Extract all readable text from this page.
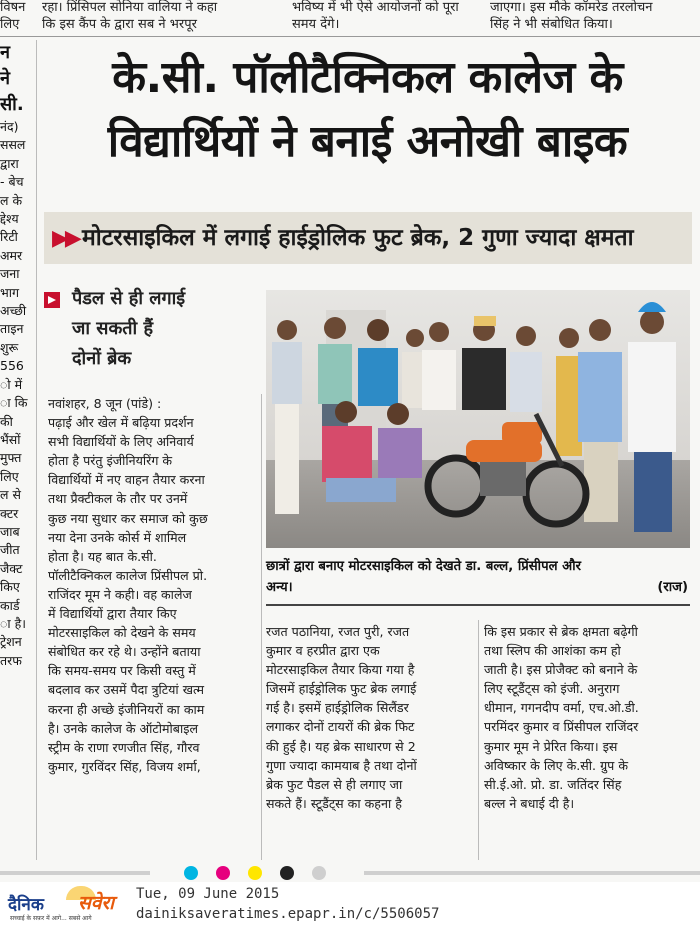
विषन
लिए
रहा। प्रिंसिपल सोनिया वालिया ने कहा
कि इस कैंप के द्वारा सब ने भरपूर
भविष्य में भी ऐसे आयोजनों को पूरा
समय देंगे।
जाएगा। इस मौके कॉमरेड तरलोचन
सिंह ने भी संबोधित किया।
न
ने
सी.
नंद)
ससल
द्वारा
- बेच
ल के
द्देश्य
रिटी
अमर
जना
भाग
अच्छी
ताइन
शुरू
556
ो में
ा कि
की
भैंसों
मुफ्त
लिए
ल से
क्टर
जाब
जीत
जैक्ट
किए
कार्ड
ा है।
ट्रेशन
तरफ
के.सी. पॉलीटैक्निकल कालेज के
विद्यार्थियों ने बनाई अनोखी बाइक
▶▶ मोटरसाइकिल में लगाई हाईड्रोलिक फुट ब्रेक, 2 गुणा ज्यादा क्षमता
पैडल से ही लगाई
जा सकती हैं
दोनों ब्रेक
नवांशहर, 8 जून (पांडे) :
पढ़ाई और खेल में बढ़िया प्रदर्शन
सभी विद्यार्थियों के लिए अनिवार्य
होता है परंतु इंजीनियरिंग के
विद्यार्थियों में नए वाहन तैयार करना
तथा प्रैक्टीकल के तौर पर उनमें
कुछ नया सुधार कर समाज को कुछ
नया देना उनके कोर्स में शामिल
होता है। यह बात के.सी.
पॉलीटैक्निकल कालेज प्रिंसीपल प्रो.
राजिंदर मूम ने कही। वह कालेज
में विद्यार्थियों द्वारा तैयार किए
मोटरसाइकिल को देखने के समय
संबोधित कर रहे थे। उन्होंने बताया
कि समय-समय पर किसी वस्तु में
बदलाव कर उसमें पैदा त्रुटियां खत्म
करना ही अच्छे इंजीनियरों का काम
है। उनके कालेज के ऑटोमोबाइल
स्ट्रीम के राणा रणजीत सिंह, गौरव
कुमार, गुरविंदर सिंह, विजय शर्मा,
छात्रों द्वारा बनाए मोटरसाइकिल को देखते डा. बल्ल, प्रिंसीपल और
अन्य।	(राज)
रजत पठानिया, रजत पुरी, रजत
कुमार व हरप्रीत द्वारा एक
मोटरसाइकिल तैयार किया गया है
जिसमें हाईड्रोलिक फुट ब्रेक लगाई
गई है। इसमें हाईड्रोलिक सिलैंडर
लगाकर दोनों टायरों की ब्रेक फिट
की हुई है। यह ब्रेक साधारण से 2
गुणा ज्यादा कामयाब है तथा दोनों
ब्रेक फुट पैडल से ही लगाए जा
सकते हैं। स्टूडैंट्स का कहना है
कि इस प्रकार से ब्रेक क्षमता बढ़ेगी
तथा स्लिप की आशंका कम हो
जाती है। इस प्रोजैक्ट को बनाने के
लिए स्टूडैंट्स को इंजी. अनुराग
धीमान, गगनदीप वर्मा, एच.ओ.डी.
परमिंदर कुमार व प्रिंसीपल राजिंदर
कुमार मूम ने प्रेरित किया। इस
अविष्कार के लिए के.सी. ग्रुप के
सी.ई.ओ. प्रो. डा. जतिंदर सिंह
बल्ल ने बधाई दी है।
दैनिक सवेरा
सच्चाई के सफ़र में आगे... सबसे आगे
Tue, 09 June 2015
dainiksaveratimes.epapr.in/c/5506057
